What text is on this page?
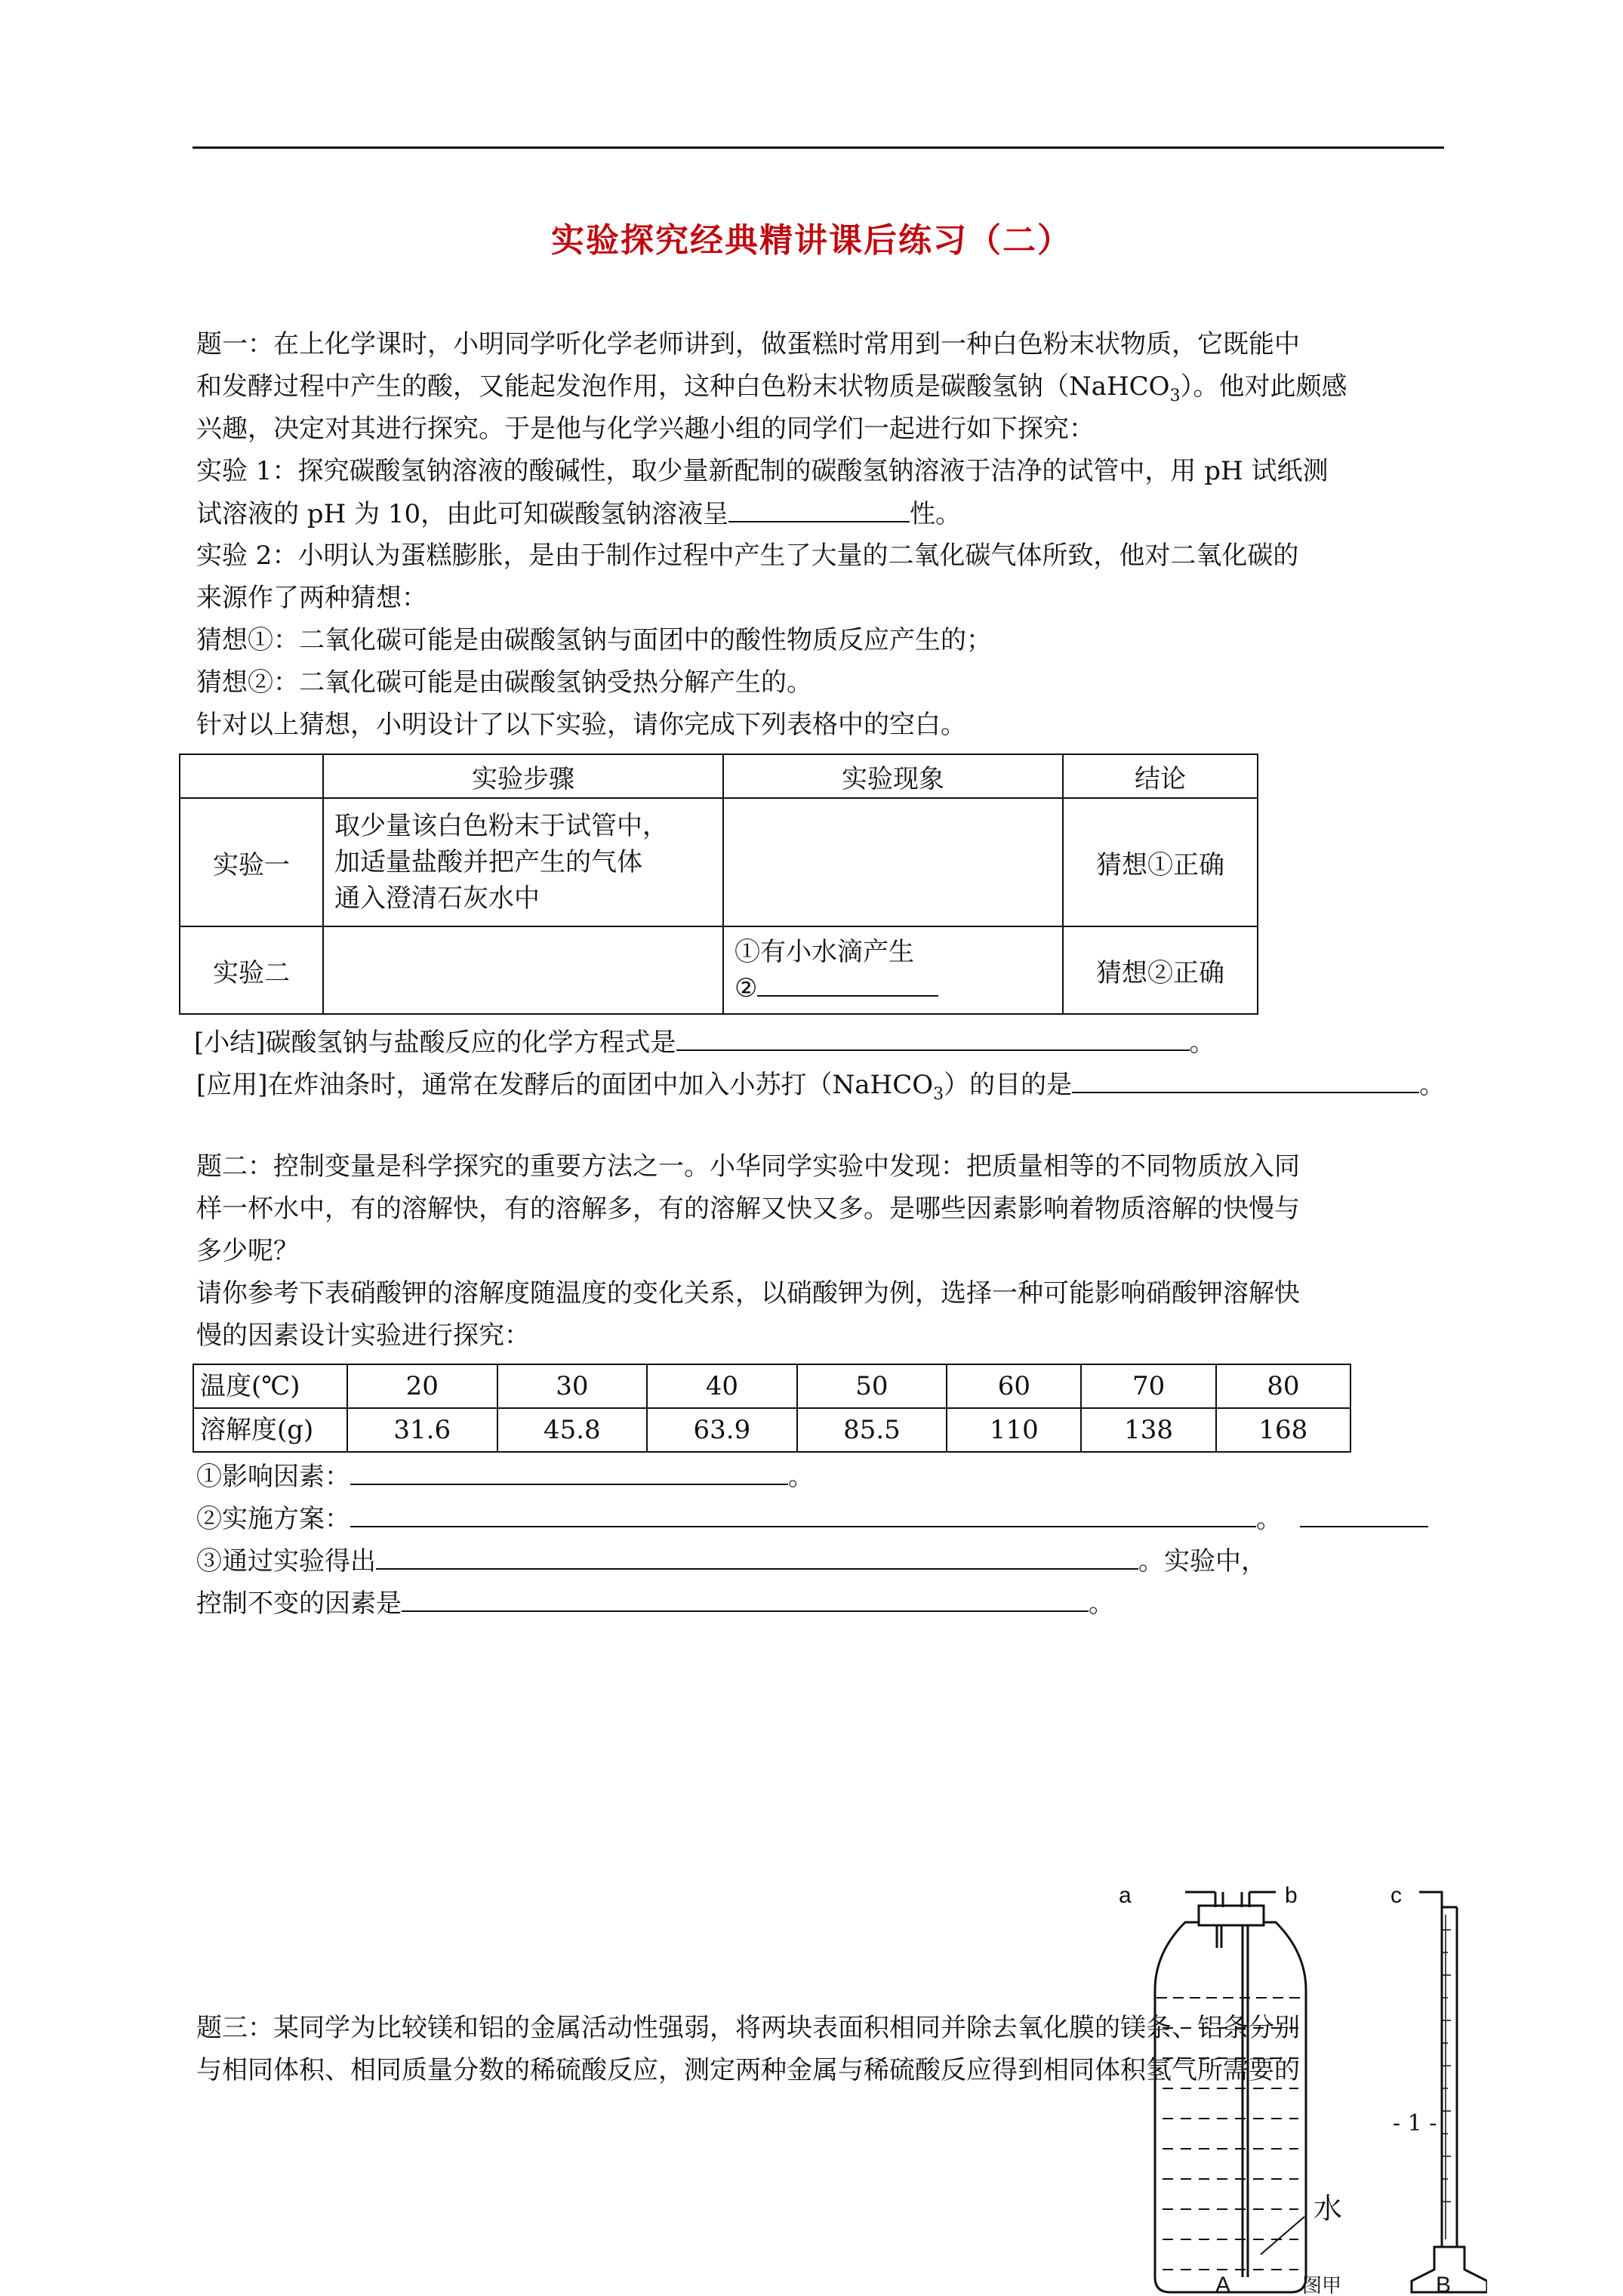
实验探究经典精讲课后练习（二）
题一：在上化学课时，小明同学听化学老师讲到，做蛋糕时常用到一种白色粉末状物质，它既能中
和发酵过程中产生的酸，又能起发泡作用，这种白色粉末状物质是碳酸氢钠（NaHCO$_3$）。他对此颇感
兴趣，决定对其进行探究。于是他与化学兴趣小组的同学们一起进行如下探究：
实验 1：探究碳酸氢钠溶液的酸碱性，取少量新配制的碳酸氢钠溶液于洁净的试管中，用 pH 试纸测
试溶液的 pH 为 10，由此可知碳酸氢钠溶液呈	性。
实验 2：小明认为蛋糕膨胀，是由于制作过程中产生了大量的二氧化碳气体所致，他对二氧化碳的
来源作了两种猜想：
猜想①：二氧化碳可能是由碳酸氢钠与面团中的酸性物质反应产生的；
猜想②：二氧化碳可能是由碳酸氢钠受热分解产生的。
针对以上猜想，小明设计了以下实验，请你完成下列表格中的空白。
	实验步骤	实验现象	结论
实验一	取少量该白色粉末于试管中，
加适量盐酸并把产生的气体
通入澄清石灰水中		猜想①正确
实验二		①有小水滴产生
②	猜想②正确
[小结]碳酸氢钠与盐酸反应的化学方程式是	。
[应用]在炸油条时，通常在发酵后的面团中加入小苏打（NaHCO$_3$）的目的是	。
题二：控制变量是科学探究的重要方法之一。小华同学实验中发现：把质量相等的不同物质放入同
样一杯水中，有的溶解快，有的溶解多，有的溶解又快又多。是哪些因素影响着物质溶解的快慢与
多少呢？
请你参考下表硝酸钾的溶解度随温度的变化关系，以硝酸钾为例，选择一种可能影响硝酸钾溶解快
慢的因素设计实验进行探究：
温度(℃)	20	30	40	50	60	70	80
溶解度(g)	31.6	45.8	63.9	85.5	110	138	168
①影响因素：	。
②实施方案：	。
③通过实验得出	。实验中，
控制不变的因素是	。
题三：某同学为比较镁和铝的金属活动性强弱，将两块表面积相同并除去氧化膜的镁条、铝条分别
与相同体积、相同质量分数的稀硫酸反应，测定两种金属与稀硫酸反应得到相同体积氢气所需要的
- 1 -
a	b	c
水
A	图甲	B
